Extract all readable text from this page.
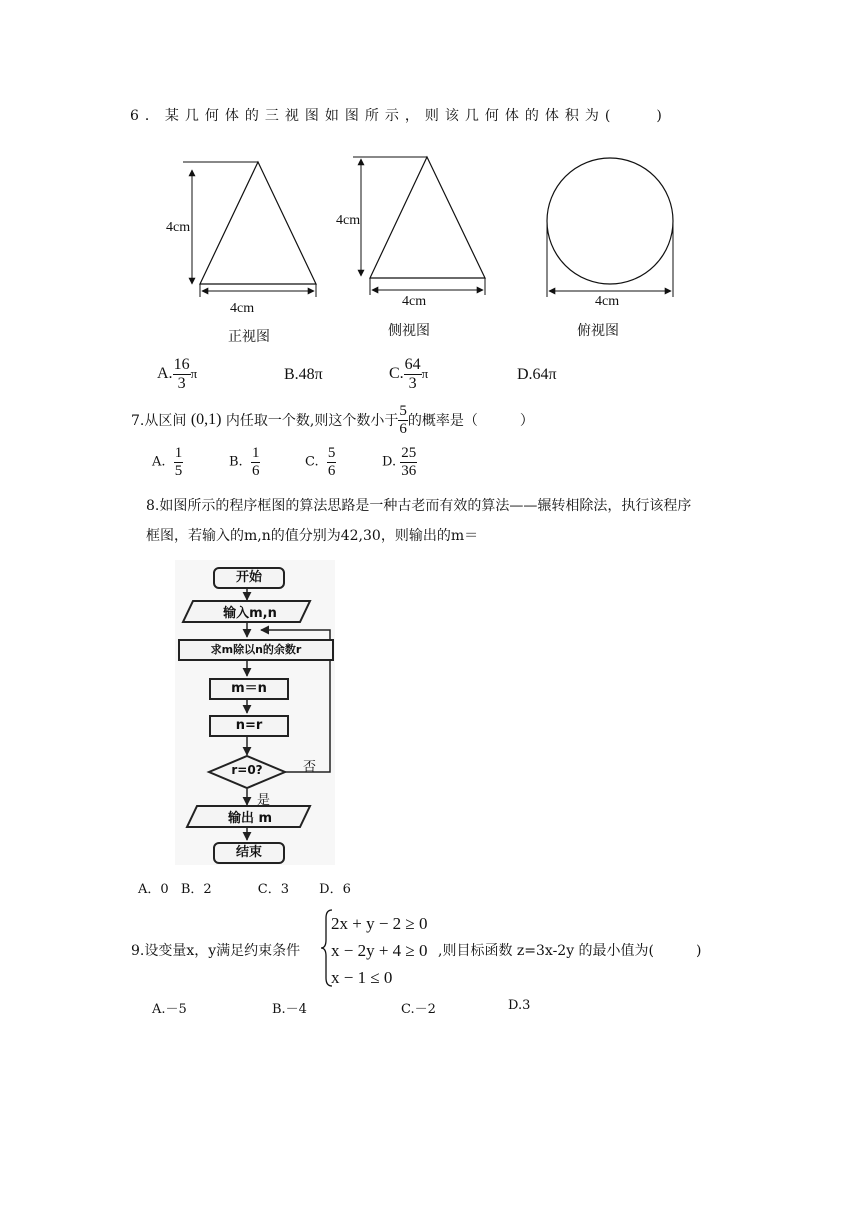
6．某几何体的三视图如图所示，则该几何体的体积为(　　)
4cm
4cm
正视图
4cm
4cm
侧视图
4cm
俯视图
A. $\frac{16}{3}$ π	B.48π	C. $\frac{64}{3}$ π	D.64π
7.从区间 (0,1) 内任取一个数,则这个数小于 $\frac{5}{6}$ 的概率是（　　　）
A. $\frac{1}{5}$	B. $\frac{1}{6}$	C. $\frac{5}{6}$	D. $\frac{25}{36}$
8.如图所示的程序框图的算法思路是一种古老而有效的算法——辗转相除法，执行该程序
框图，若输入的m,n的值分别为42,30，则输出的m＝
开始
输入m,n
求m除以n的余数r
m＝n
n=r
r=0?	否
是
输出 m
结束
A．0 B．2	C．3 D．6
9.设变量x，y满足约束条件
2x + y − 2 ≥ 0
x − 2y + 4 ≥ 0
x − 1 ≤ 0
,则目标函数 z=3x-2y 的最小值为(　　　)
A.－5	B.－4	C.－2	D.3
